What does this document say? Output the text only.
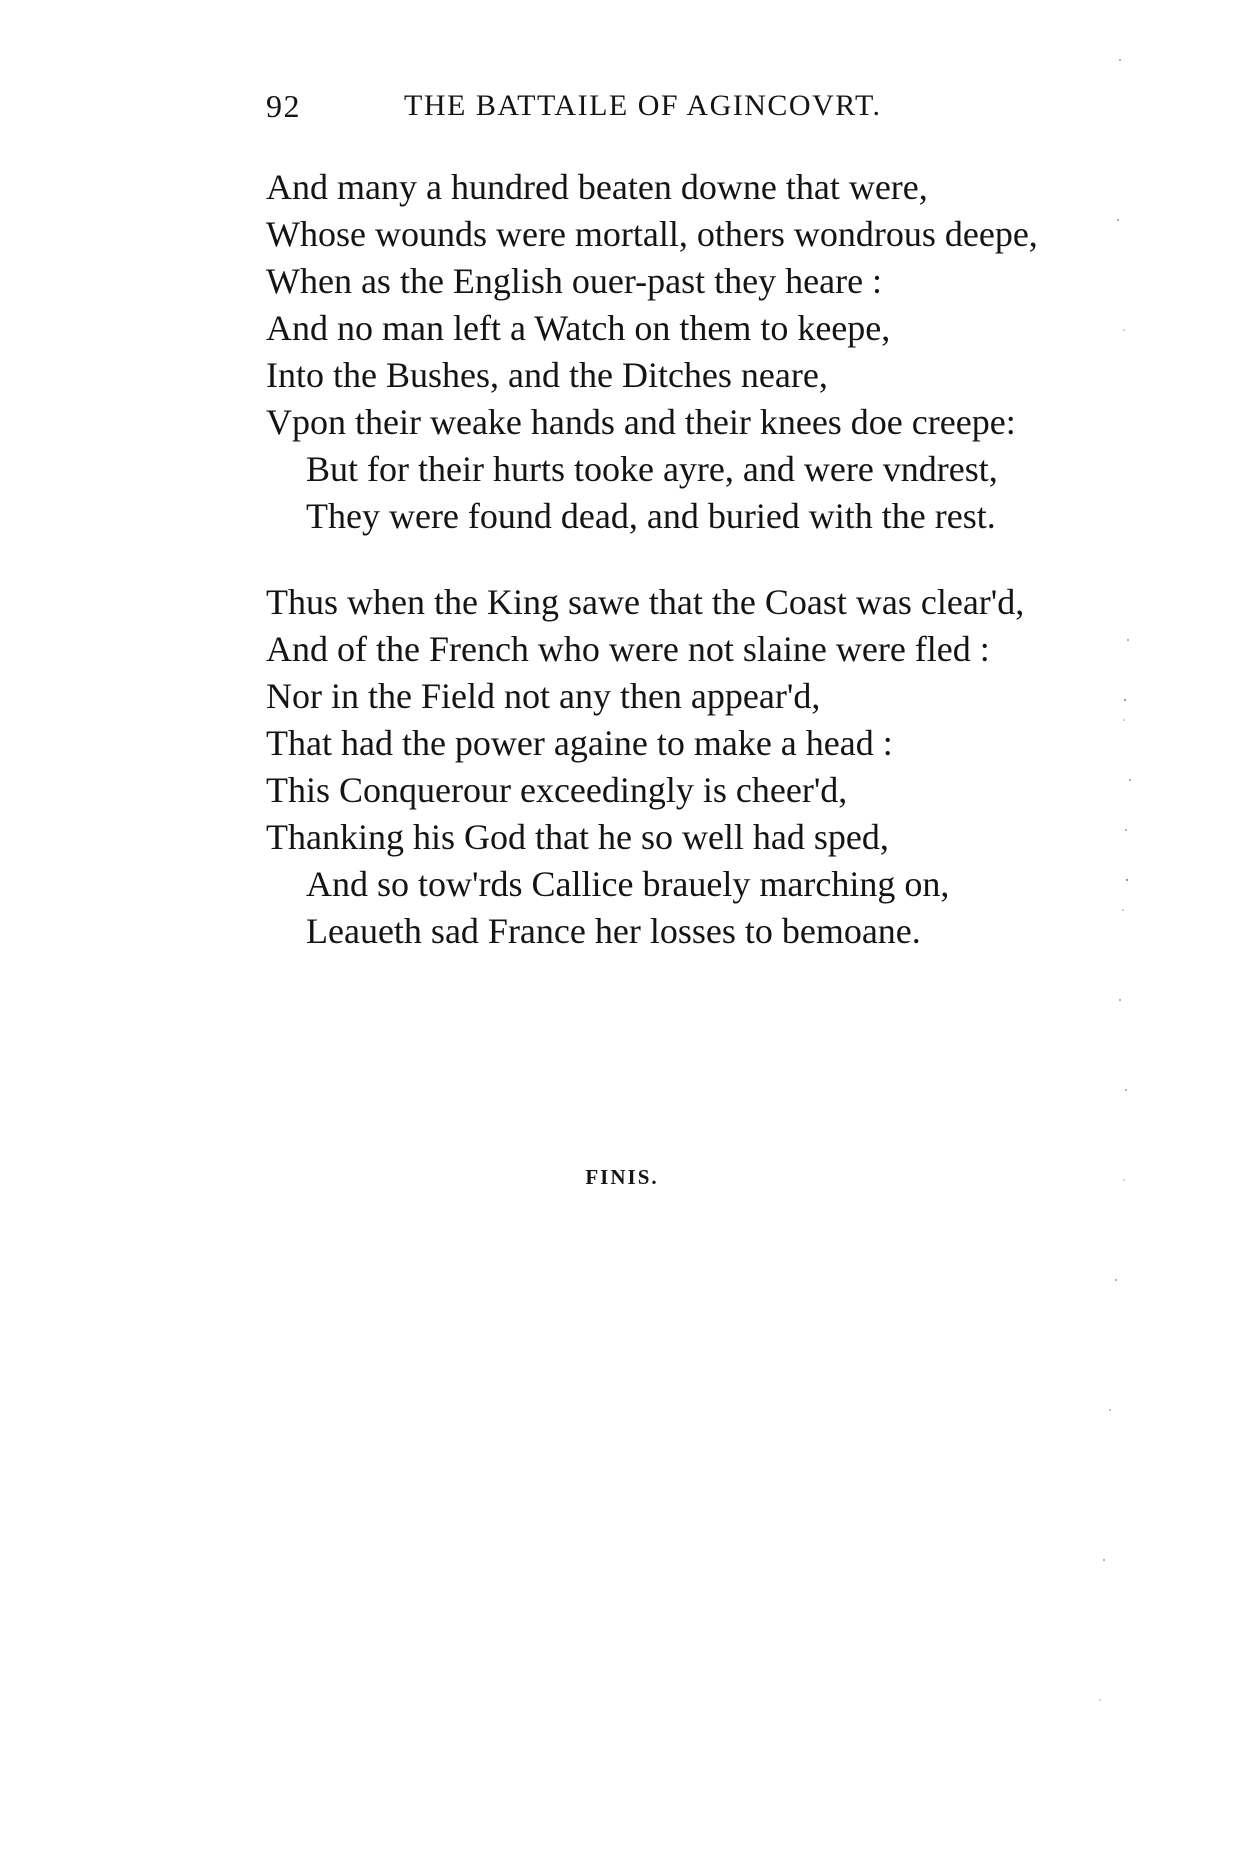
92	THE BATTAILE OF AGINCOVRT.
And many a hundred beaten downe that were,
Whose wounds were mortall, others wondrous deepe,
When as the English ouer-past they heare :
And no man left a Watch on them to keepe,
Into the Bushes, and the Ditches neare,
Vpon their weake hands and their knees doe creepe:
But for their hurts tooke ayre, and were vndrest,
They were found dead, and buried with the rest.
Thus when the King sawe that the Coast was clear'd,
And of the French who were not slaine were fled :
Nor in the Field not any then appear'd,
That had the power againe to make a head :
This Conquerour exceedingly is cheer'd,
Thanking his God that he so well had sped,
And so tow'rds Callice brauely marching on,
Leaueth sad France her losses to bemoane.
FINIS.
